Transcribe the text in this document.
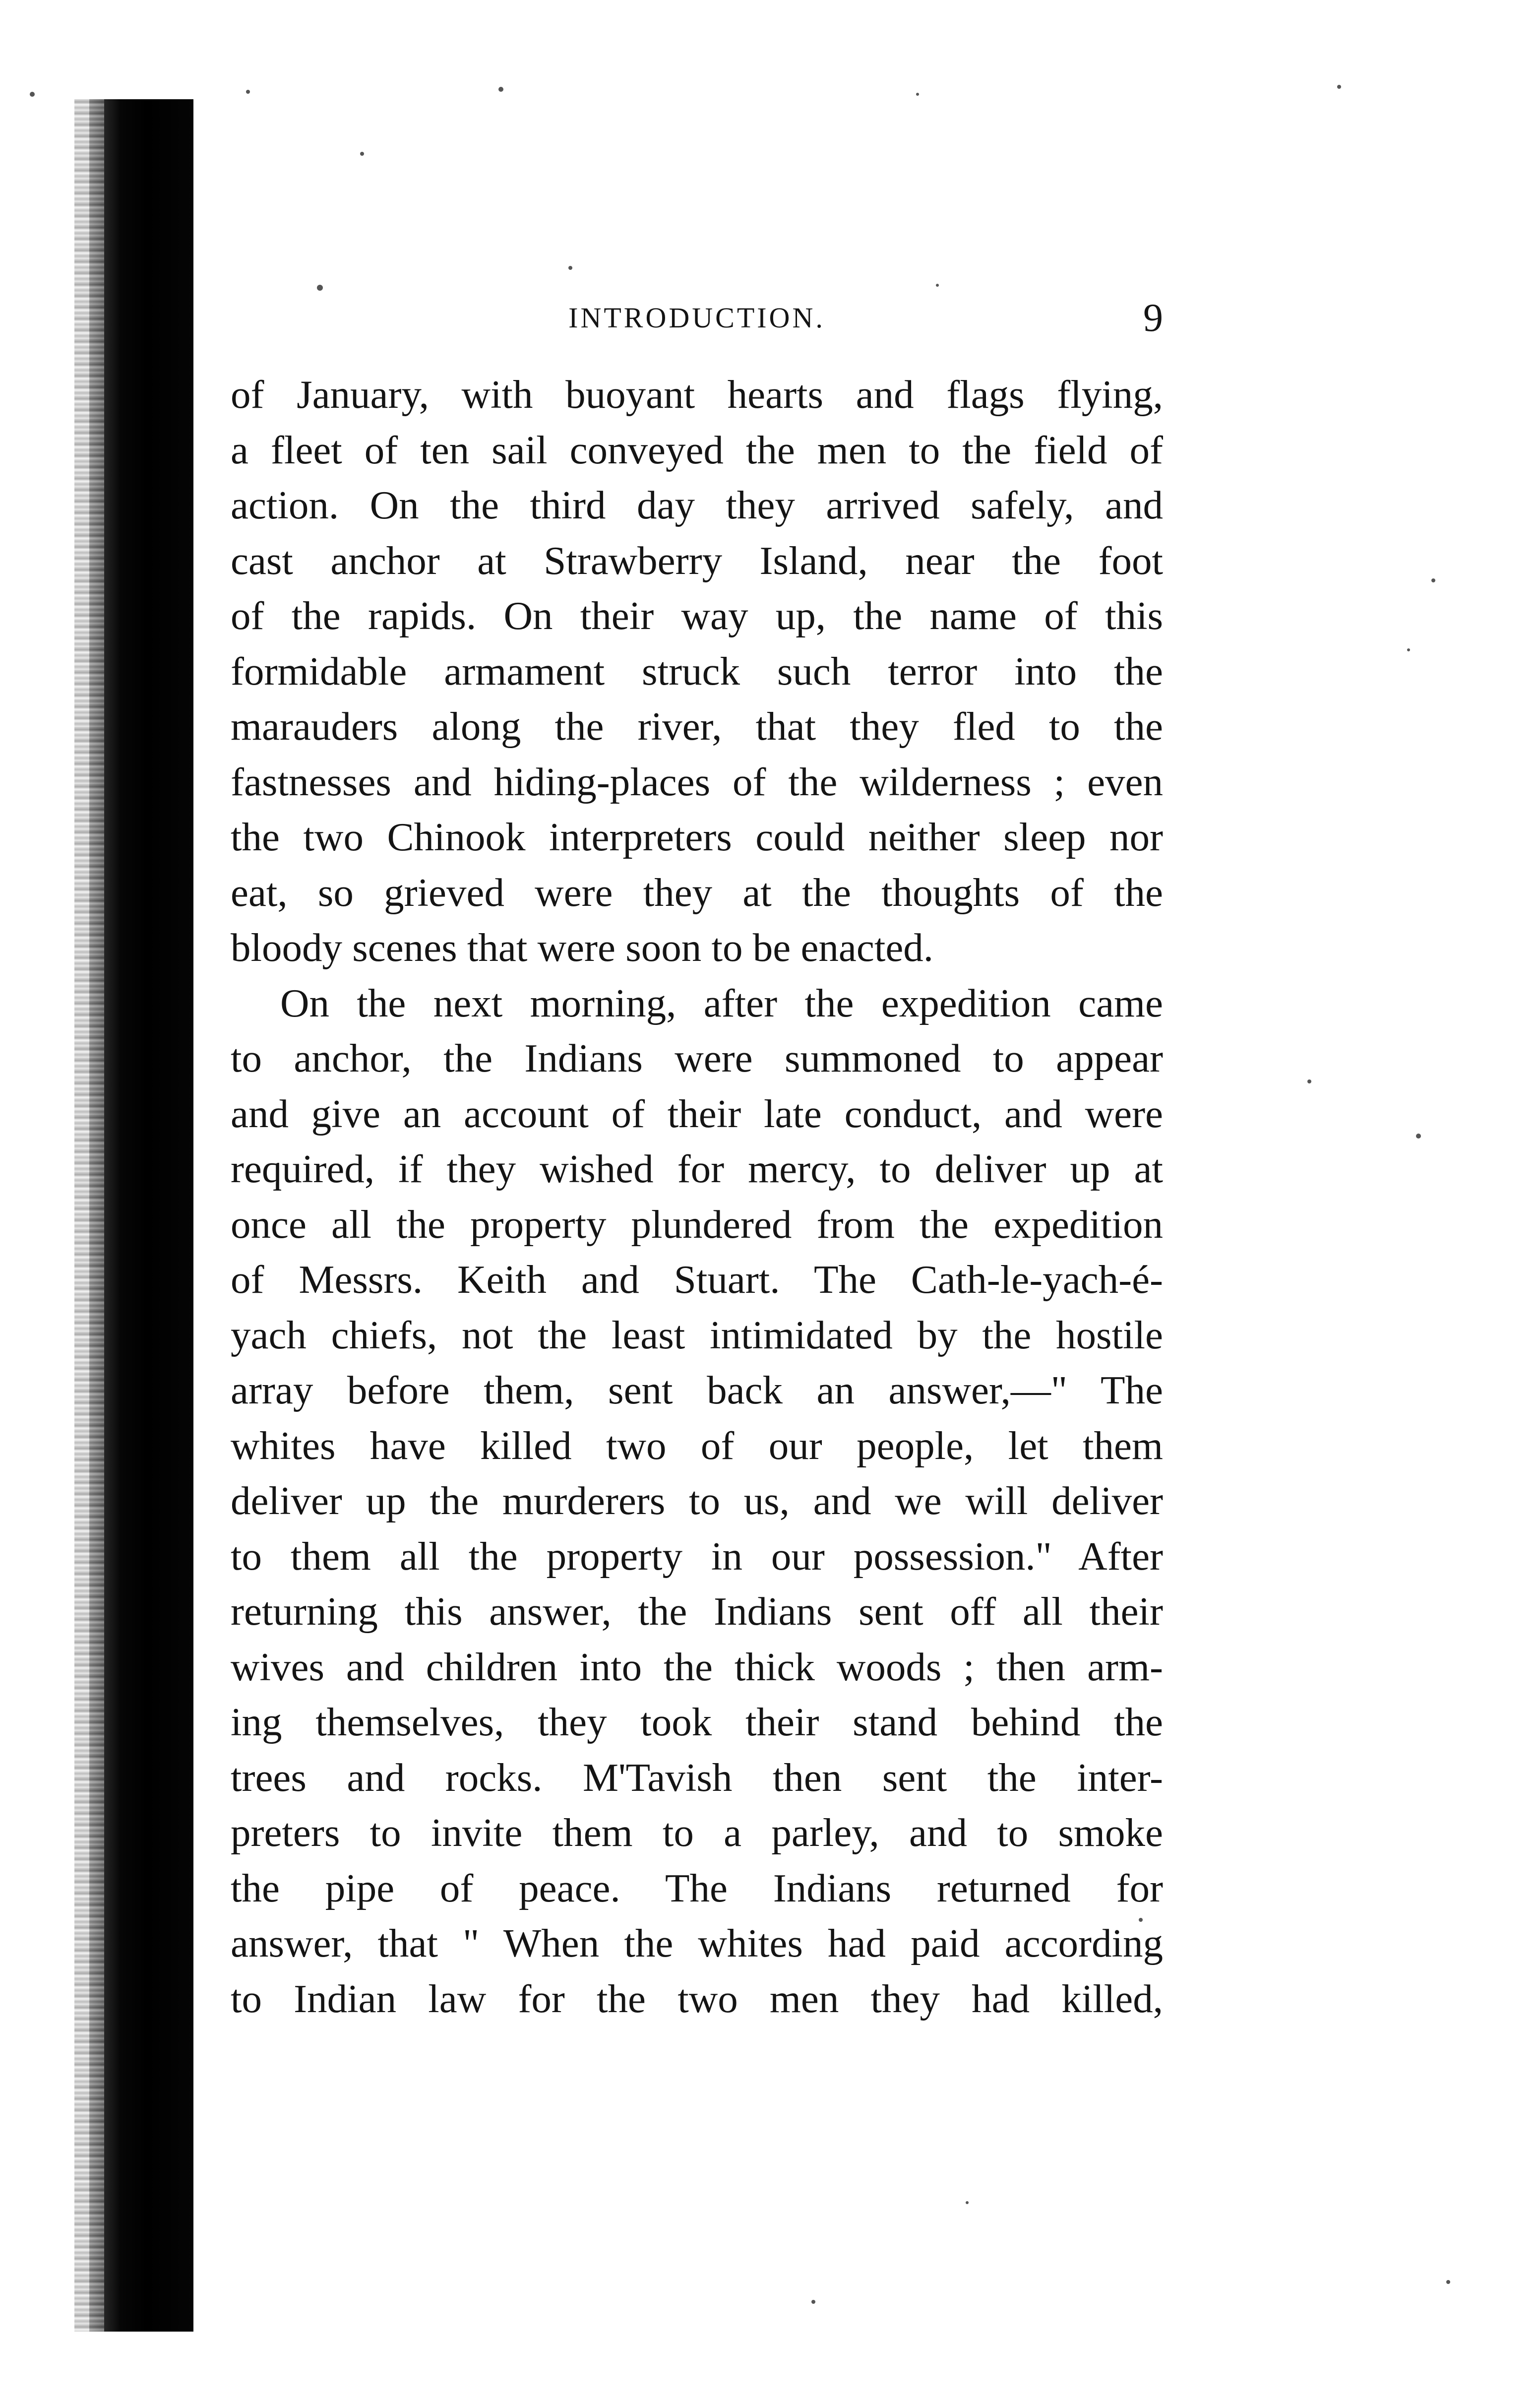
INTRODUCTION.	9

of January, with buoyant hearts and flags flying,
a fleet of ten sail conveyed the men to the field of
action. On the third day they arrived safely, and
cast anchor at Strawberry Island, near the foot
of the rapids. On their way up, the name of this
formidable armament struck such terror into the
marauders along the river, that they fled to the
fastnesses and hiding-places of the wilderness ; even
the two Chinook interpreters could neither sleep nor
eat, so grieved were they at the thoughts of the
bloody scenes that were soon to be enacted.

On the next morning, after the expedition came
to anchor, the Indians were summoned to appear
and give an account of their late conduct, and were
required, if they wished for mercy, to deliver up at
once all the property plundered from the expedition
of Messrs. Keith and Stuart. The Cath-le-yach-é-
yach chiefs, not the least intimidated by the hostile
array before them, sent back an answer,—" The
whites have killed two of our people, let them
deliver up the murderers to us, and we will deliver
to them all the property in our possession." After
returning this answer, the Indians sent off all their
wives and children into the thick woods ; then arm-
ing themselves, they took their stand behind the
trees and rocks. M'Tavish then sent the inter-
preters to invite them to a parley, and to smoke
the pipe of peace. The Indians returned for
answer, that " When the whites had paid according
to Indian law for the two men they had killed,
